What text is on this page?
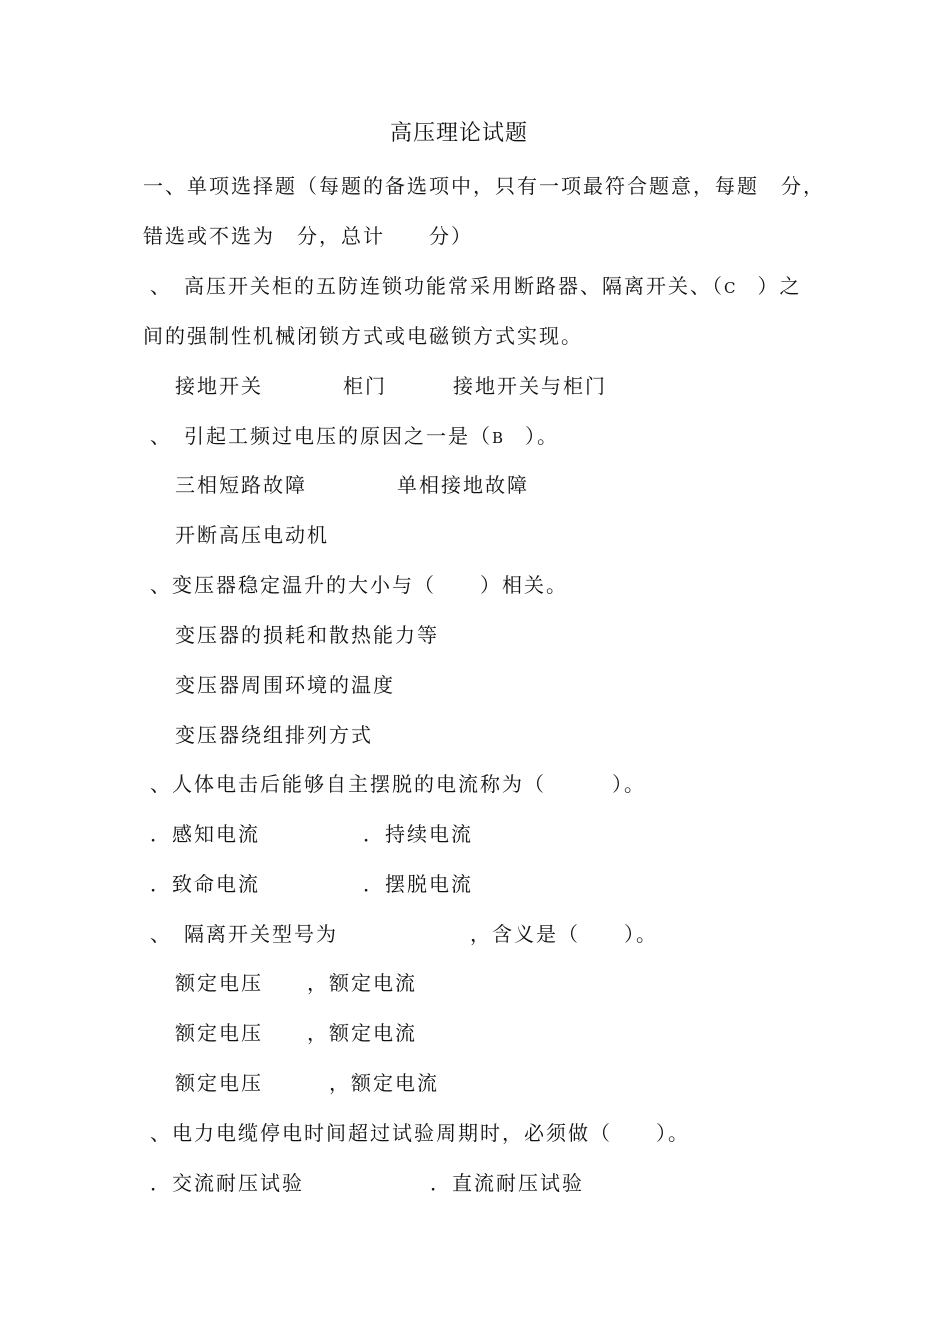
高压理论试题
一、单项选择题（每题的备选项中，只有一项最符合题意，每题　分，
错选或不选为　分，总计　　分）
、　高压开关柜的五防连锁功能常采用断路器、隔离开关、（C　）之
间的强制性机械闭锁方式或电磁锁方式实现。
接地开关	柜门	接地开关与柜门
、　引起工频过电压的原因之一是（B　）。
三相短路故障	单相接地故障
开断高压电动机
、变压器稳定温升的大小与（　　）相关。
变压器的损耗和散热能力等
变压器周围环境的温度
变压器绕组排列方式
、人体电击后能够自主摆脱的电流称为（　　　）。
．感知电流	．持续电流
．致命电流	．摆脱电流
、　隔离开关型号为	，含义是（　　）。
额定电压　　，额定电流
额定电压　　，额定电流
额定电压　　　，额定电流
、电力电缆停电时间超过试验周期时，必须做（　　）。
．交流耐压试验	．直流耐压试验
